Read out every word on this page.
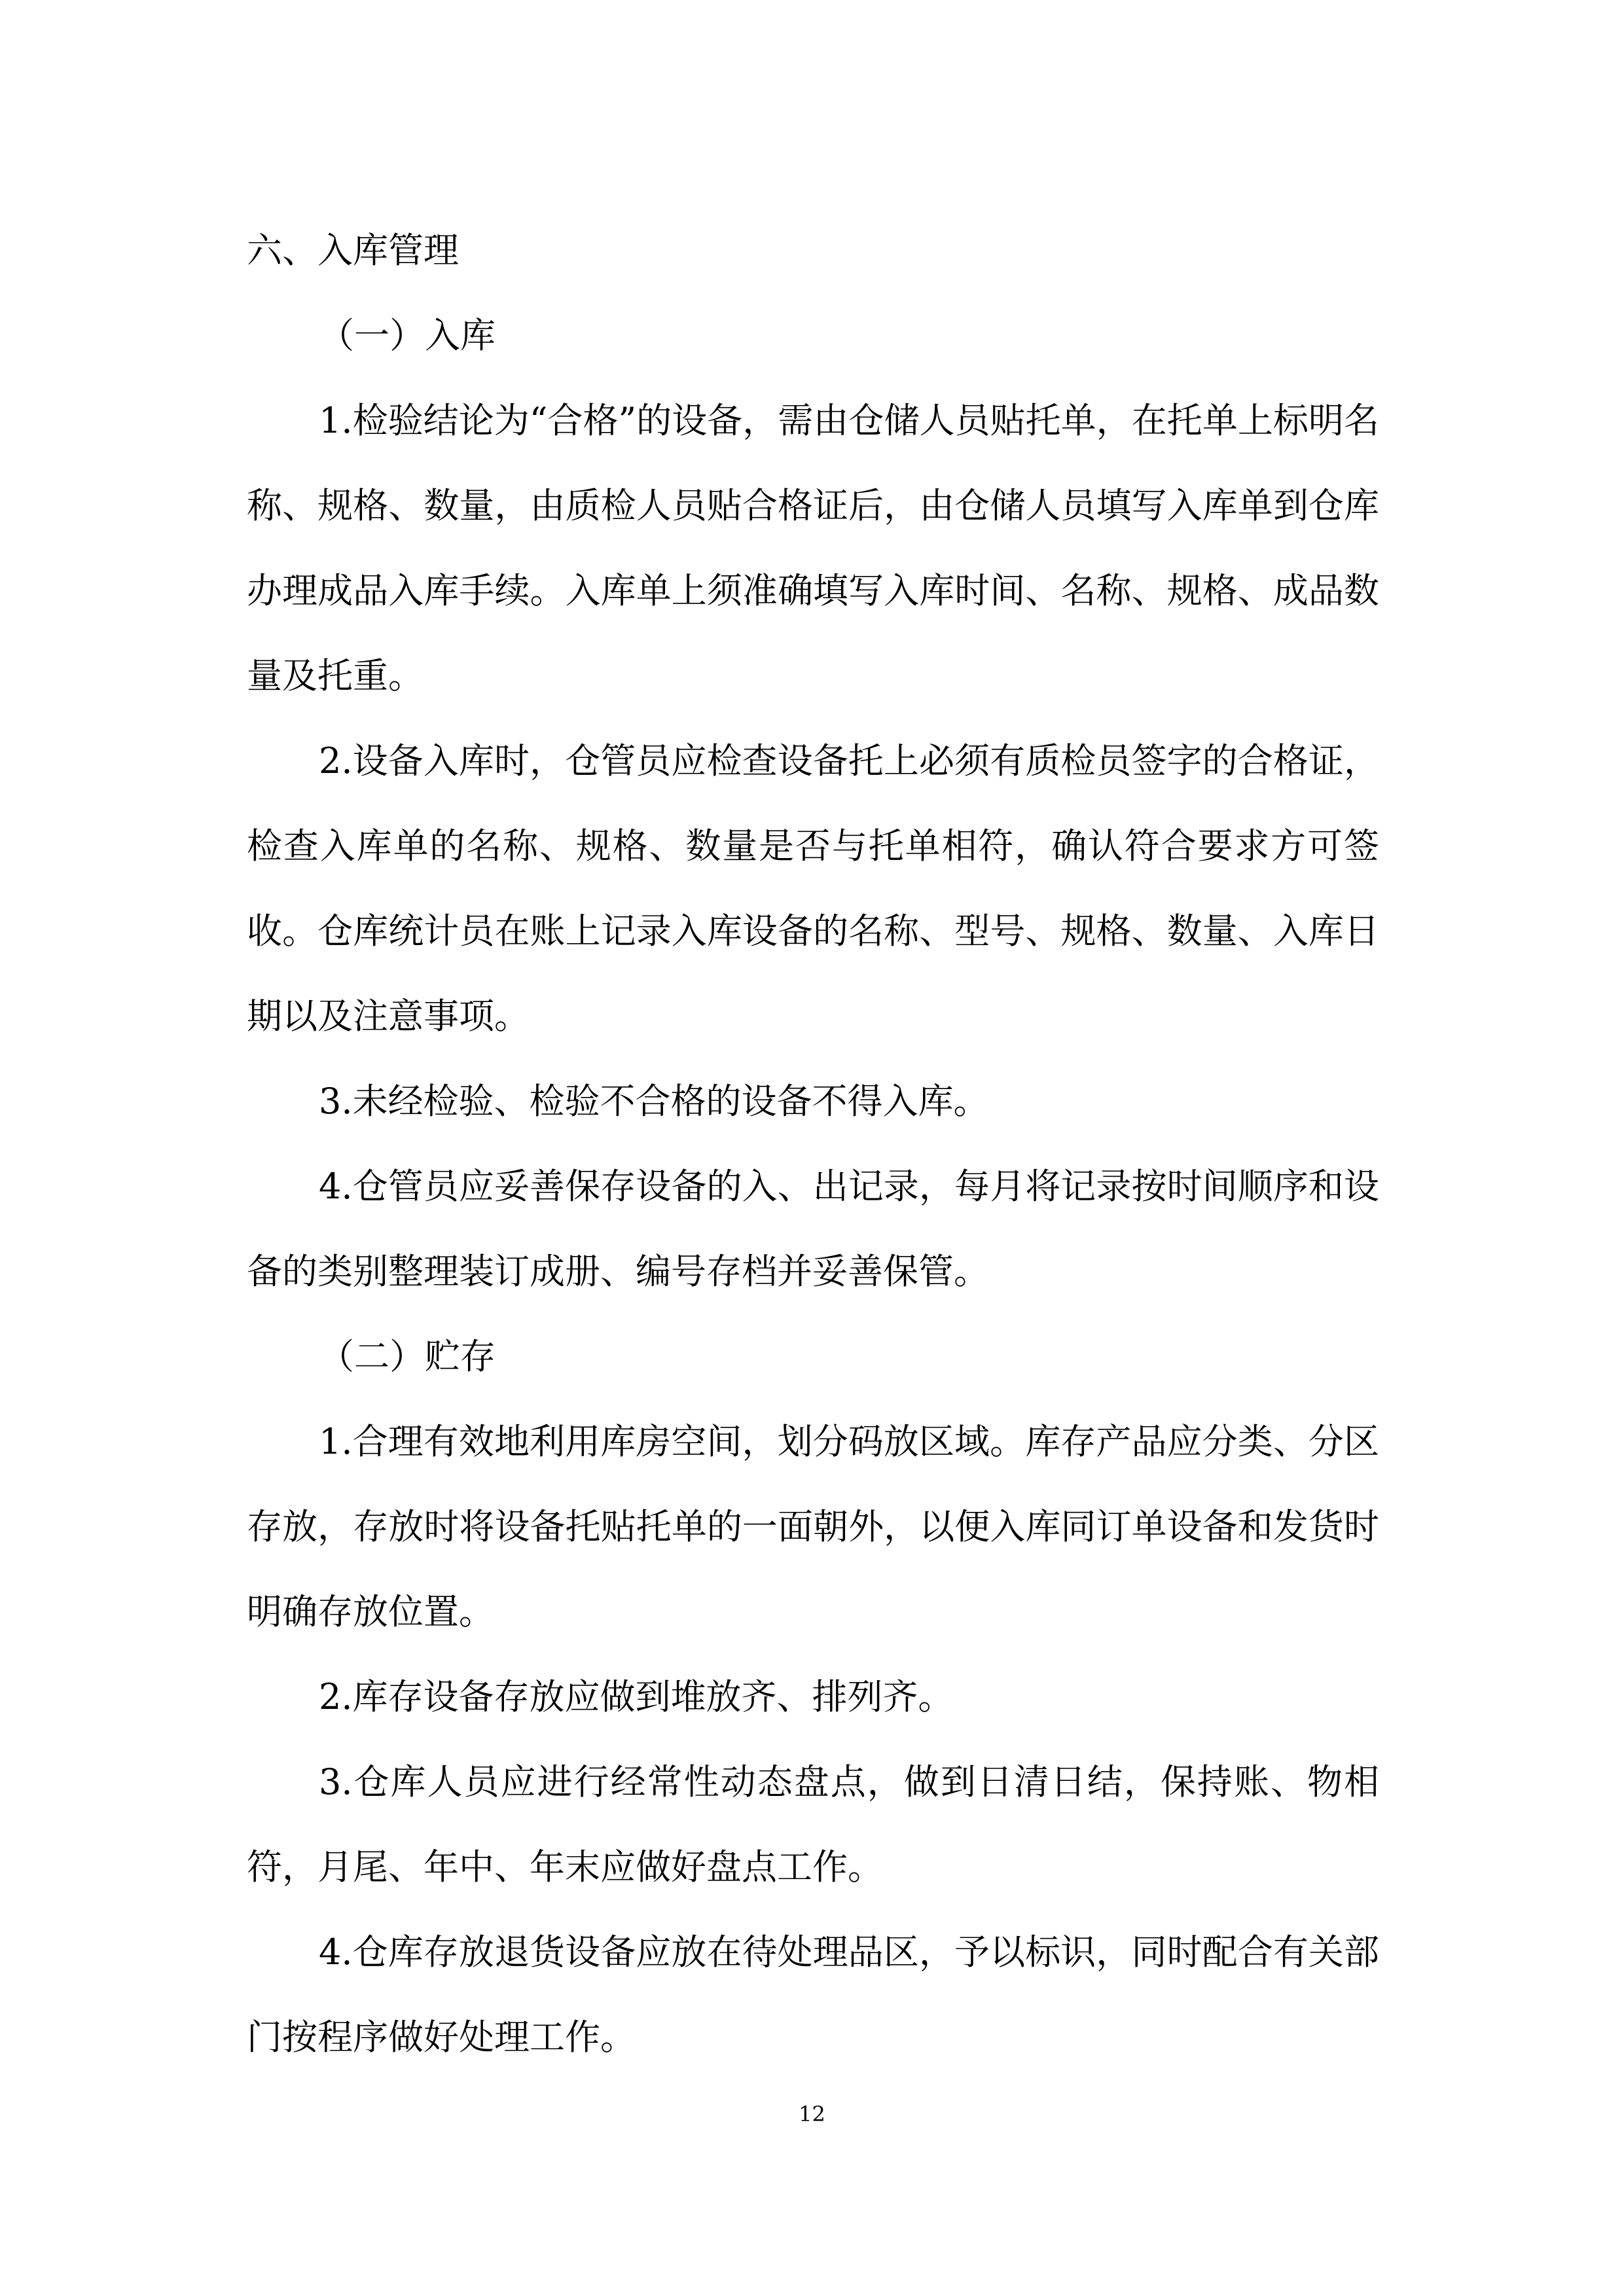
六、入库管理

（一）入库

1.检验结论为“合格”的设备，需由仓储人员贴托单，在托单上标明名称、规格、数量，由质检人员贴合格证后，由仓储人员填写入库单到仓库办理成品入库手续。入库单上须准确填写入库时间、名称、规格、成品数量及托重。

2.设备入库时，仓管员应检查设备托上必须有质检员签字的合格证，检查入库单的名称、规格、数量是否与托单相符，确认符合要求方可签收。仓库统计员在账上记录入库设备的名称、型号、规格、数量、入库日期以及注意事项。

3.未经检验、检验不合格的设备不得入库。

4.仓管员应妥善保存设备的入、出记录，每月将记录按时间顺序和设备的类别整理装订成册、编号存档并妥善保管。

（二）贮存

1.合理有效地利用库房空间，划分码放区域。库存产品应分类、分区存放，存放时将设备托贴托单的一面朝外，以便入库同订单设备和发货时明确存放位置。

2.库存设备存放应做到堆放齐、排列齐。

3.仓库人员应进行经常性动态盘点，做到日清日结，保持账、物相符，月尾、年中、年末应做好盘点工作。

4.仓库存放退货设备应放在待处理品区，予以标识，同时配合有关部门按程序做好处理工作。

12
